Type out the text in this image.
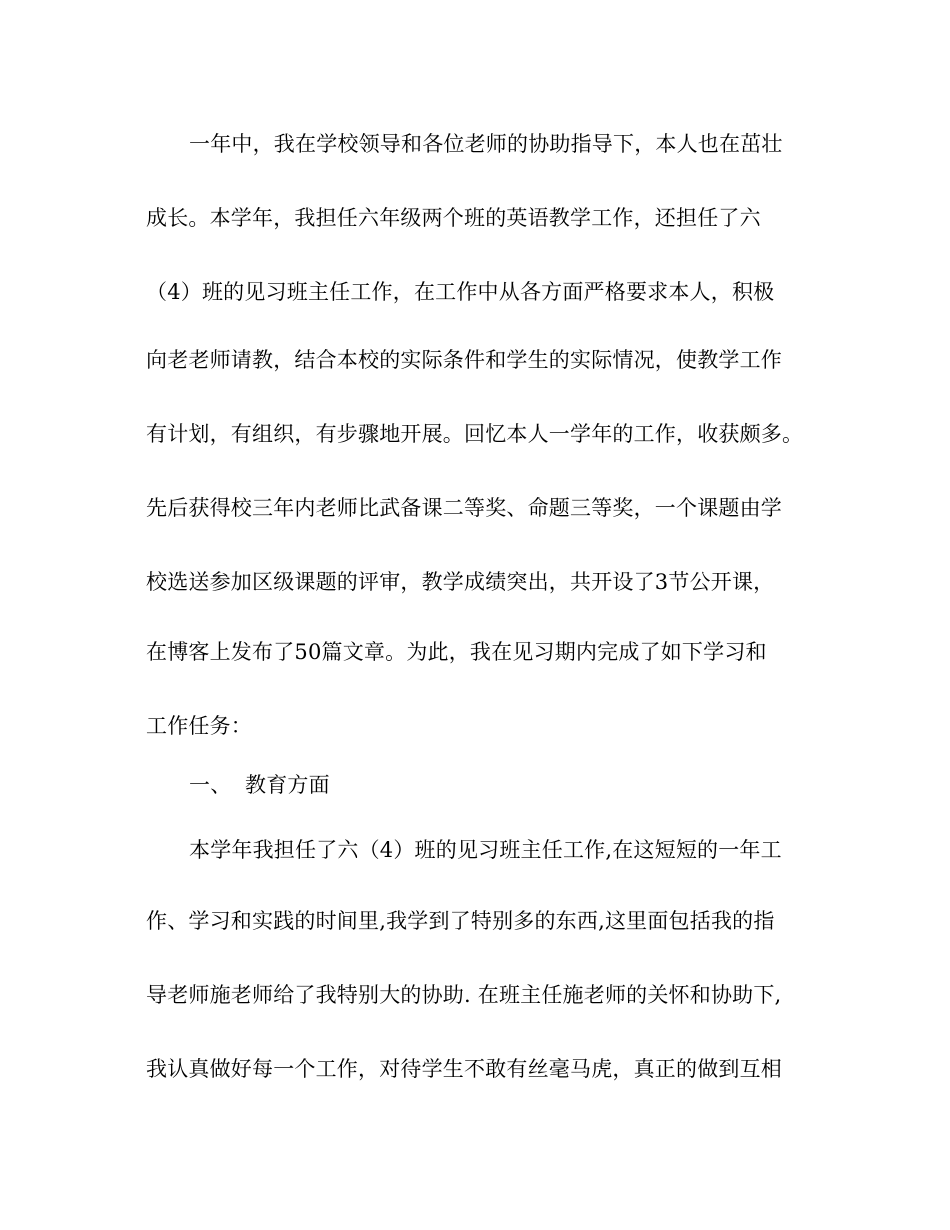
一年中，我在学校领导和各位老师的协助指导下，本人也在茁壮
成长。本学年，我担任六年级两个班的英语教学工作，还担任了六
（4）班的见习班主任工作，在工作中从各方面严格要求本人，积极
向老老师请教，结合本校的实际条件和学生的实际情况，使教学工作
有计划，有组织，有步骤地开展。回忆本人一学年的工作，收获颇多。
先后获得校三年内老师比武备课二等奖、命题三等奖，一个课题由学
校选送参加区级课题的评审，教学成绩突出，共开设了3节公开课，
在博客上发布了50篇文章。为此，我在见习期内完成了如下学习和
工作任务：
一、 教育方面
本学年我担任了六（4）班的见习班主任工作,在这短短的一年工
作、学习和实践的时间里,我学到了特别多的东西,这里面包括我的指
导老师施老师给了我特别大的协助. 在班主任施老师的关怀和协助下,
我认真做好每一个工作，对待学生不敢有丝毫马虎，真正的做到互相
